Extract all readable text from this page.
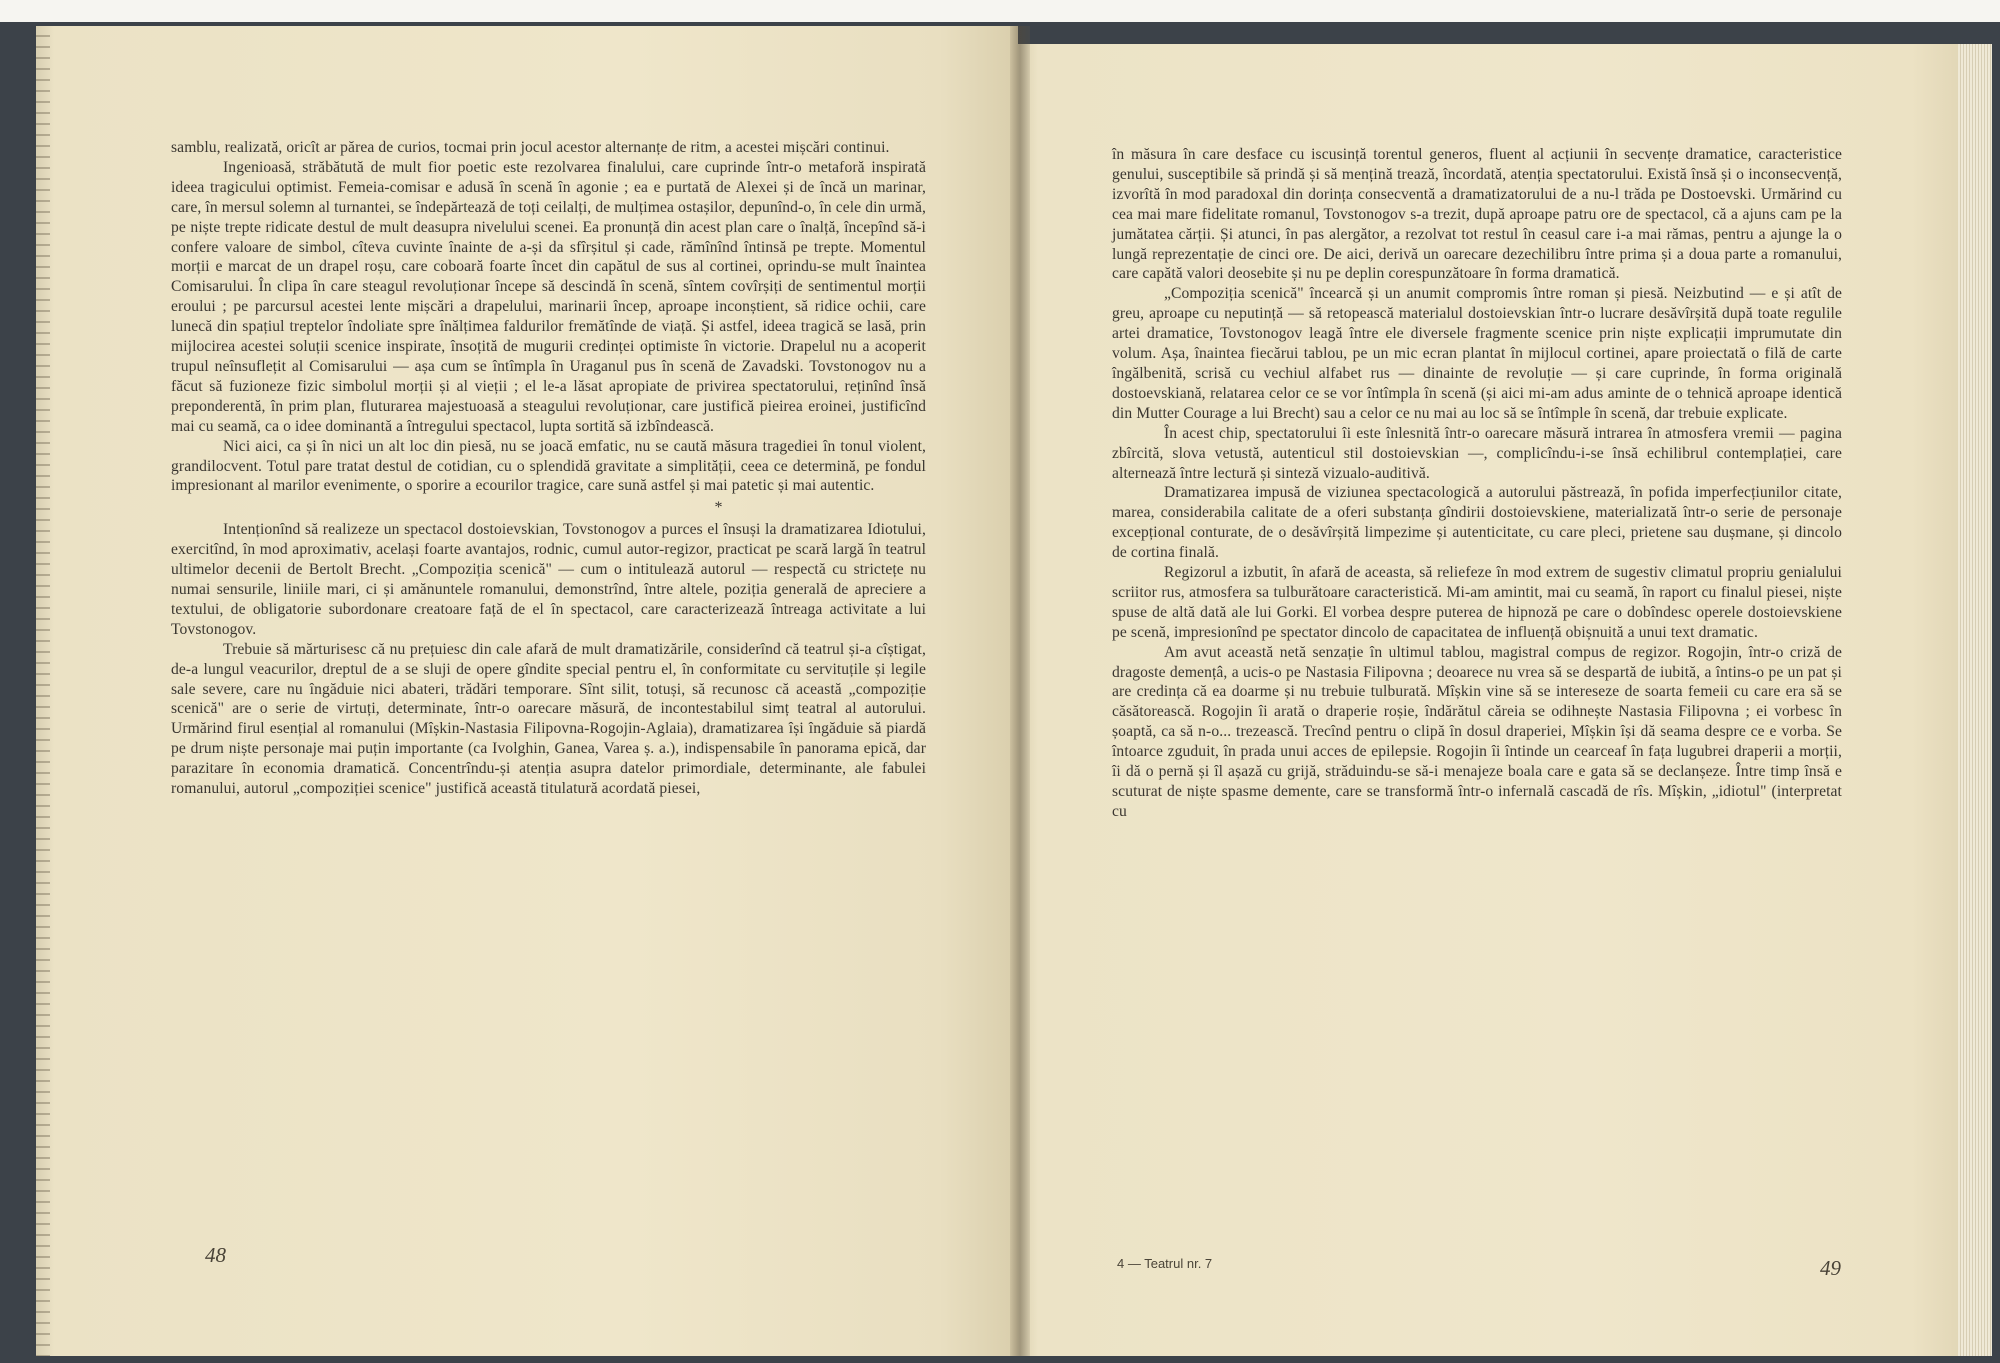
samblu, realizată, oricît ar părea de curios, tocmai prin jocul acestor alternanțe de ritm, a acestei mișcări continui.

Ingenioasă, străbătută de mult fior poetic este rezolvarea finalului, care cuprinde într-o metaforă inspirată ideea tragicului optimist. Femeia-comisar e adusă în scenă în agonie ; ea e purtată de Alexei și de încă un marinar, care, în mersul solemn al turnantei, se îndepărtează de toți ceilalți, de mulțimea ostașilor, depunînd-o, în cele din urmă, pe niște trepte ridicate destul de mult deasupra nivelului scenei. Ea pronunță din acest plan care o înalță, începînd să-i confere valoare de simbol, cîteva cuvinte înainte de a-și da sfîrșitul și cade, rămînînd întinsă pe trepte. Momentul morții e marcat de un drapel roșu, care coboară foarte încet din capătul de sus al cortinei, oprindu-se mult înaintea Comisarului. În clipa în care steagul revoluționar începe să descindă în scenă, sîntem covîrșiți de sentimentul morții eroului ; pe parcursul acestei lente mișcări a drapelului, marinarii încep, aproape inconștient, să ridice ochii, care lunecă din spațiul treptelor îndoliate spre înălțimea faldurilor fremătînde de viață. Și astfel, ideea tragică se lasă, prin mijlocirea acestei soluții scenice inspirate, însoțită de mugurii credinței optimiste în victorie. Drapelul nu a acoperit trupul neînsuflețit al Comisarului — așa cum se întîmpla în Uraganul pus în scenă de Zavadski. Tovstonogov nu a făcut să fuzioneze fizic simbolul morții și al vieții ; el le-a lăsat apropiate de privirea spectatorului, reținînd însă preponderentă, în prim plan, fluturarea majestuoasă a steagului revoluționar, care justifică pieirea eroinei, justificînd mai cu seamă, ca o idee dominantă a întregului spectacol, lupta sortită să izbîndească.

Nici aici, ca și în nici un alt loc din piesă, nu se joacă emfatic, nu se caută măsura tragediei în tonul violent, grandilocvent. Totul pare tratat destul de cotidian, cu o splendidă gravitate a simplității, ceea ce determină, pe fondul impresionant al marilor evenimente, o sporire a ecourilor tragice, care sună astfel și mai patetic și mai autentic.

*

Intenționînd să realizeze un spectacol dostoievskian, Tovstonogov a purces el însuși la dramatizarea Idiotului, exercitînd, în mod aproximativ, același foarte avantajos, rodnic, cumul autor-regizor, practicat pe scară largă în teatrul ultimelor decenii de Bertolt Brecht. „Compoziția scenică" — cum o intitulează autorul — respectă cu strictețe nu numai sensurile, liniile mari, ci și amănuntele romanului, demonstrînd, între altele, poziția generală de apreciere a textului, de obligatorie subordonare creatoare față de el în spectacol, care caracterizează întreaga activitate a lui Tovstonogov.

Trebuie să mărturisesc că nu prețuiesc din cale afară de mult dramatizările, considerînd că teatrul și-a cîștigat, de-a lungul veacurilor, dreptul de a se sluji de opere gîndite special pentru el, în conformitate cu servituțile și legile sale severe, care nu îngăduie nici abateri, trădări temporare. Sînt silit, totuși, să recunosc că această „compoziție scenică" are o serie de virtuți, determinate, într-o oarecare măsură, de incontestabilul simț teatral al autorului. Urmărind firul esențial al romanului (Mîșkin-Nastasia Filipovna-Rogojin-Aglaia), dramatizarea își îngăduie să piardă pe drum niște personaje mai puțin importante (ca Ivolghin, Ganea, Varea ș. a.), indispensabile în panorama epică, dar parazitare în economia dramatică. Concentrîndu-și atenția asupra datelor primordiale, determinante, ale fabulei romanului, autorul „compoziției scenice" justifică această titulatură acordată piesei,

48

în măsura în care desface cu iscusință torentul generos, fluent al acțiunii în secvențe dramatice, caracteristice genului, susceptibile să prindă și să mențină trează, încordată, atenția spectatorului. Există însă și o inconsecvență, izvorîtă în mod paradoxal din dorința consecventă a dramatizatorului de a nu-l trăda pe Dostoevski. Urmărind cu cea mai mare fidelitate romanul, Tovstonogov s-a trezit, după aproape patru ore de spectacol, că a ajuns cam pe la jumătatea cărții. Și atunci, în pas alergător, a rezolvat tot restul în ceasul care i-a mai rămas, pentru a ajunge la o lungă reprezentație de cinci ore. De aici, derivă un oarecare dezechilibru între prima și a doua parte a romanului, care capătă valori deosebite și nu pe deplin corespunzătoare în forma dramatică.

„Compoziția scenică" încearcă și un anumit compromis între roman și piesă. Neizbutind — e și atît de greu, aproape cu neputință — să retopească materialul dostoievskian într-o lucrare desăvîrșită după toate regulile artei dramatice, Tovstonogov leagă între ele diversele fragmente scenice prin niște explicații imprumutate din volum. Așa, înaintea fiecărui tablou, pe un mic ecran plantat în mijlocul cortinei, apare proiectată o filă de carte îngălbenită, scrisă cu vechiul alfabet rus — dinainte de revoluție — și care cuprinde, în forma originală dostoevskiană, relatarea celor ce se vor întîmpla în scenă (și aici mi-am adus aminte de o tehnică aproape identică din Mutter Courage a lui Brecht) sau a celor ce nu mai au loc să se întîmple în scenă, dar trebuie explicate.

În acest chip, spectatorului îi este înlesnită într-o oarecare măsură intrarea în atmosfera vremii — pagina zbîrcită, slova vetustă, autenticul stil dostoievskian —, complicîndu-i-se însă echilibrul contemplației, care alternează între lectură și sinteză vizualo-auditivă.

Dramatizarea impusă de viziunea spectacologică a autorului păstrează, în pofida imperfecțiunilor citate, marea, considerabila calitate de a oferi substanța gîndirii dostoievskiene, materializată într-o serie de personaje excepțional conturate, de o desăvîrșită limpezime și autenticitate, cu care pleci, prietene sau dușmane, și dincolo de cortina finală.

Regizorul a izbutit, în afară de aceasta, să reliefeze în mod extrem de sugestiv climatul propriu genialului scriitor rus, atmosfera sa tulburătoare caracteristică. Mi-am amintit, mai cu seamă, în raport cu finalul piesei, niște spuse de altă dată ale lui Gorki. El vorbea despre puterea de hipnoză pe care o dobîndesc operele dostoievskiene pe scenă, impresionînd pe spectator dincolo de capacitatea de influență obișnuită a unui text dramatic.

Am avut această netă senzație în ultimul tablou, magistral compus de regizor. Rogojin, într-o criză de dragoste demențâ, a ucis-o pe Nastasia Filipovna ; deoarece nu vrea să se despartă de iubită, a întins-o pe un pat și are credința că ea doarme și nu trebuie tulburată. Mîșkin vine să se intereseze de soarta femeii cu care era să se căsătorească. Rogojin îi arată o draperie roșie, îndărătul căreia se odihnește Nastasia Filipovna ; ei vorbesc în șoaptă, ca să n-o... trezească. Trecînd pentru o clipă în dosul draperiei, Mîșkin își dă seama despre ce e vorba. Se întoarce zguduit, în prada unui acces de epilepsie. Rogojin îi întinde un cearceaf în fața lugubrei draperii a morții, îi dă o pernă și îl așază cu grijă, străduindu-se să-i menajeze boala care e gata să se declanșeze. Între timp însă e scuturat de niște spasme demente, care se transformă într-o infernală cascadă de rîs. Mîșkin, „idiotul" (interpretat cu

4 — Teatrul nr. 7	49
